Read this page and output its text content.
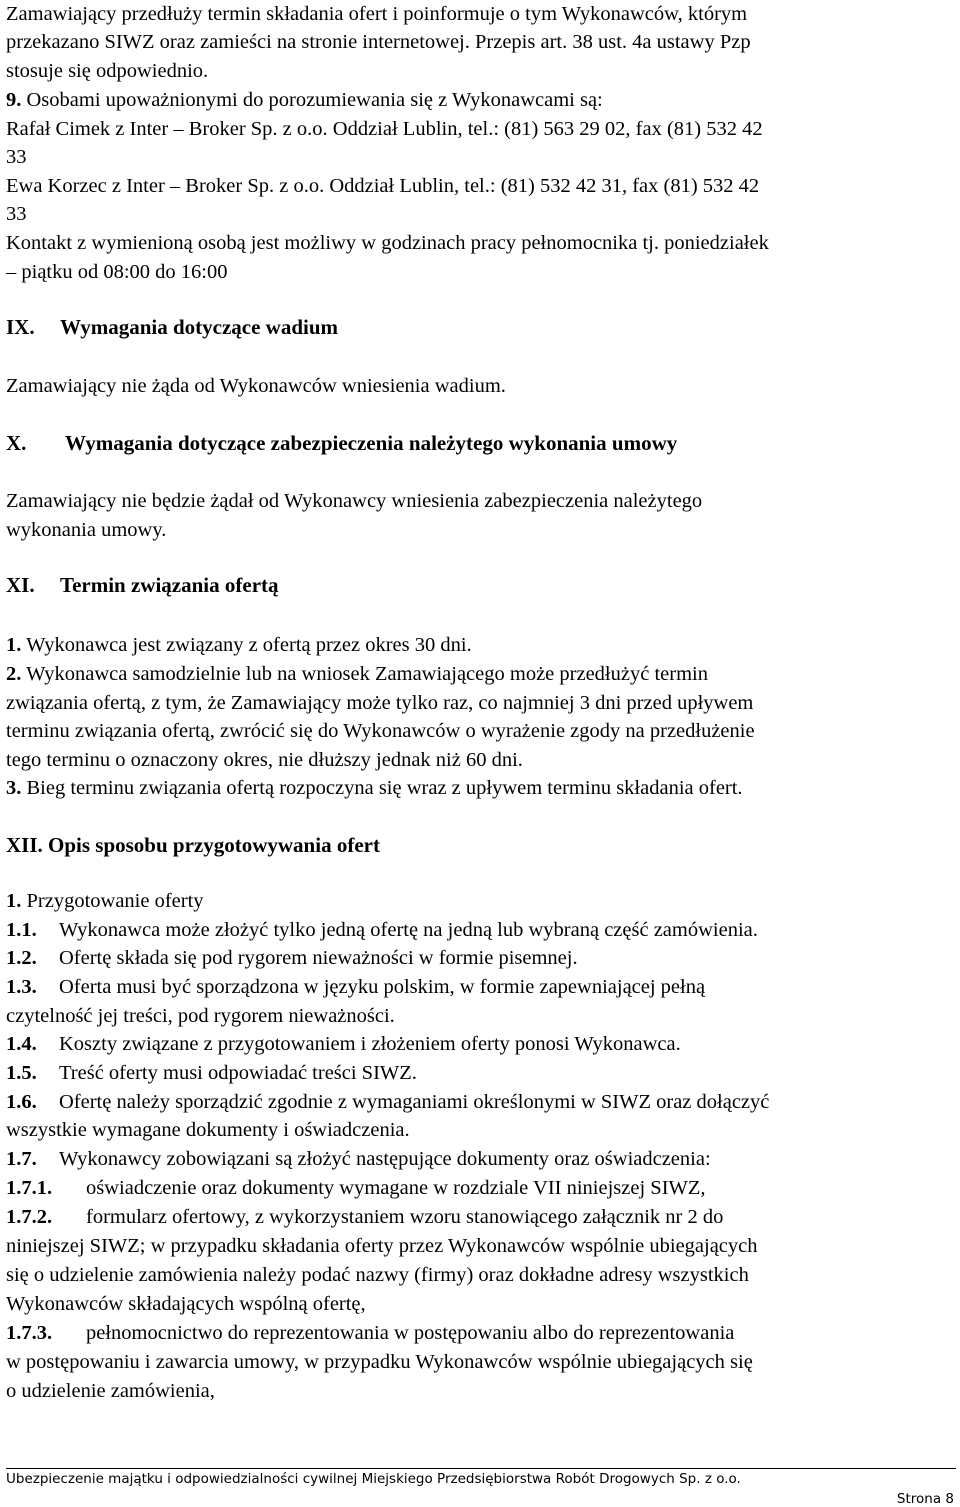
Zamawiający przedłuży termin składania ofert i poinformuje o tym Wykonawców, którym
przekazano SIWZ oraz zamieści na stronie internetowej. Przepis art. 38 ust. 4a ustawy Pzp
stosuje się odpowiednio.
9. Osobami upoważnionymi do porozumiewania się z Wykonawcami są:
Rafał Cimek z Inter – Broker Sp. z o.o. Oddział Lublin, tel.: (81) 563 29 02, fax (81) 532 42
33
Ewa Korzec z Inter – Broker Sp. z o.o. Oddział Lublin, tel.: (81) 532 42 31, fax (81) 532 42
33
Kontakt z wymienioną osobą jest możliwy w godzinach pracy pełnomocnika tj. poniedziałek
– piątku od 08:00 do 16:00
IX. Wymagania dotyczące wadium
Zamawiający nie żąda od Wykonawców wniesienia wadium.
X. Wymagania dotyczące zabezpieczenia należytego wykonania umowy
Zamawiający nie będzie żądał od Wykonawcy wniesienia zabezpieczenia należytego
wykonania umowy.
XI. Termin związania ofertą
1. Wykonawca jest związany z ofertą przez okres 30 dni.
2. Wykonawca samodzielnie lub na wniosek Zamawiającego może przedłużyć termin
związania ofertą, z tym, że Zamawiający może tylko raz, co najmniej 3 dni przed upływem
terminu związania ofertą, zwrócić się do Wykonawców o wyrażenie zgody na przedłużenie
tego terminu o oznaczony okres, nie dłuższy jednak niż 60 dni.
3. Bieg terminu związania ofertą rozpoczyna się wraz z upływem terminu składania ofert.
XII. Opis sposobu przygotowywania ofert
1. Przygotowanie oferty
1.1. Wykonawca może złożyć tylko jedną ofertę na jedną lub wybraną część zamówienia.
1.2. Ofertę składa się pod rygorem nieważności w formie pisemnej.
1.3. Oferta musi być sporządzona w języku polskim, w formie zapewniającej pełną
czytelność jej treści, pod rygorem nieważności.
1.4. Koszty związane z przygotowaniem i złożeniem oferty ponosi Wykonawca.
1.5. Treść oferty musi odpowiadać treści SIWZ.
1.6. Ofertę należy sporządzić zgodnie z wymaganiami określonymi w SIWZ oraz dołączyć
wszystkie wymagane dokumenty i oświadczenia.
1.7. Wykonawcy zobowiązani są złożyć następujące dokumenty oraz oświadczenia:
1.7.1. oświadczenie oraz dokumenty wymagane w rozdziale VII niniejszej SIWZ,
1.7.2. formularz ofertowy, z wykorzystaniem wzoru stanowiącego załącznik nr 2 do
niniejszej SIWZ; w przypadku składania oferty przez Wykonawców wspólnie ubiegających
się o udzielenie zamówienia należy podać nazwy (firmy) oraz dokładne adresy wszystkich
Wykonawców składających wspólną ofertę,
1.7.3. pełnomocnictwo do reprezentowania w postępowaniu albo do reprezentowania
w postępowaniu i zawarcia umowy, w przypadku Wykonawców wspólnie ubiegających się
o udzielenie zamówienia,
Ubezpieczenie majątku i odpowiedzialności cywilnej Miejskiego Przedsiębiorstwa Robót Drogowych Sp. z o.o.
Strona 8
